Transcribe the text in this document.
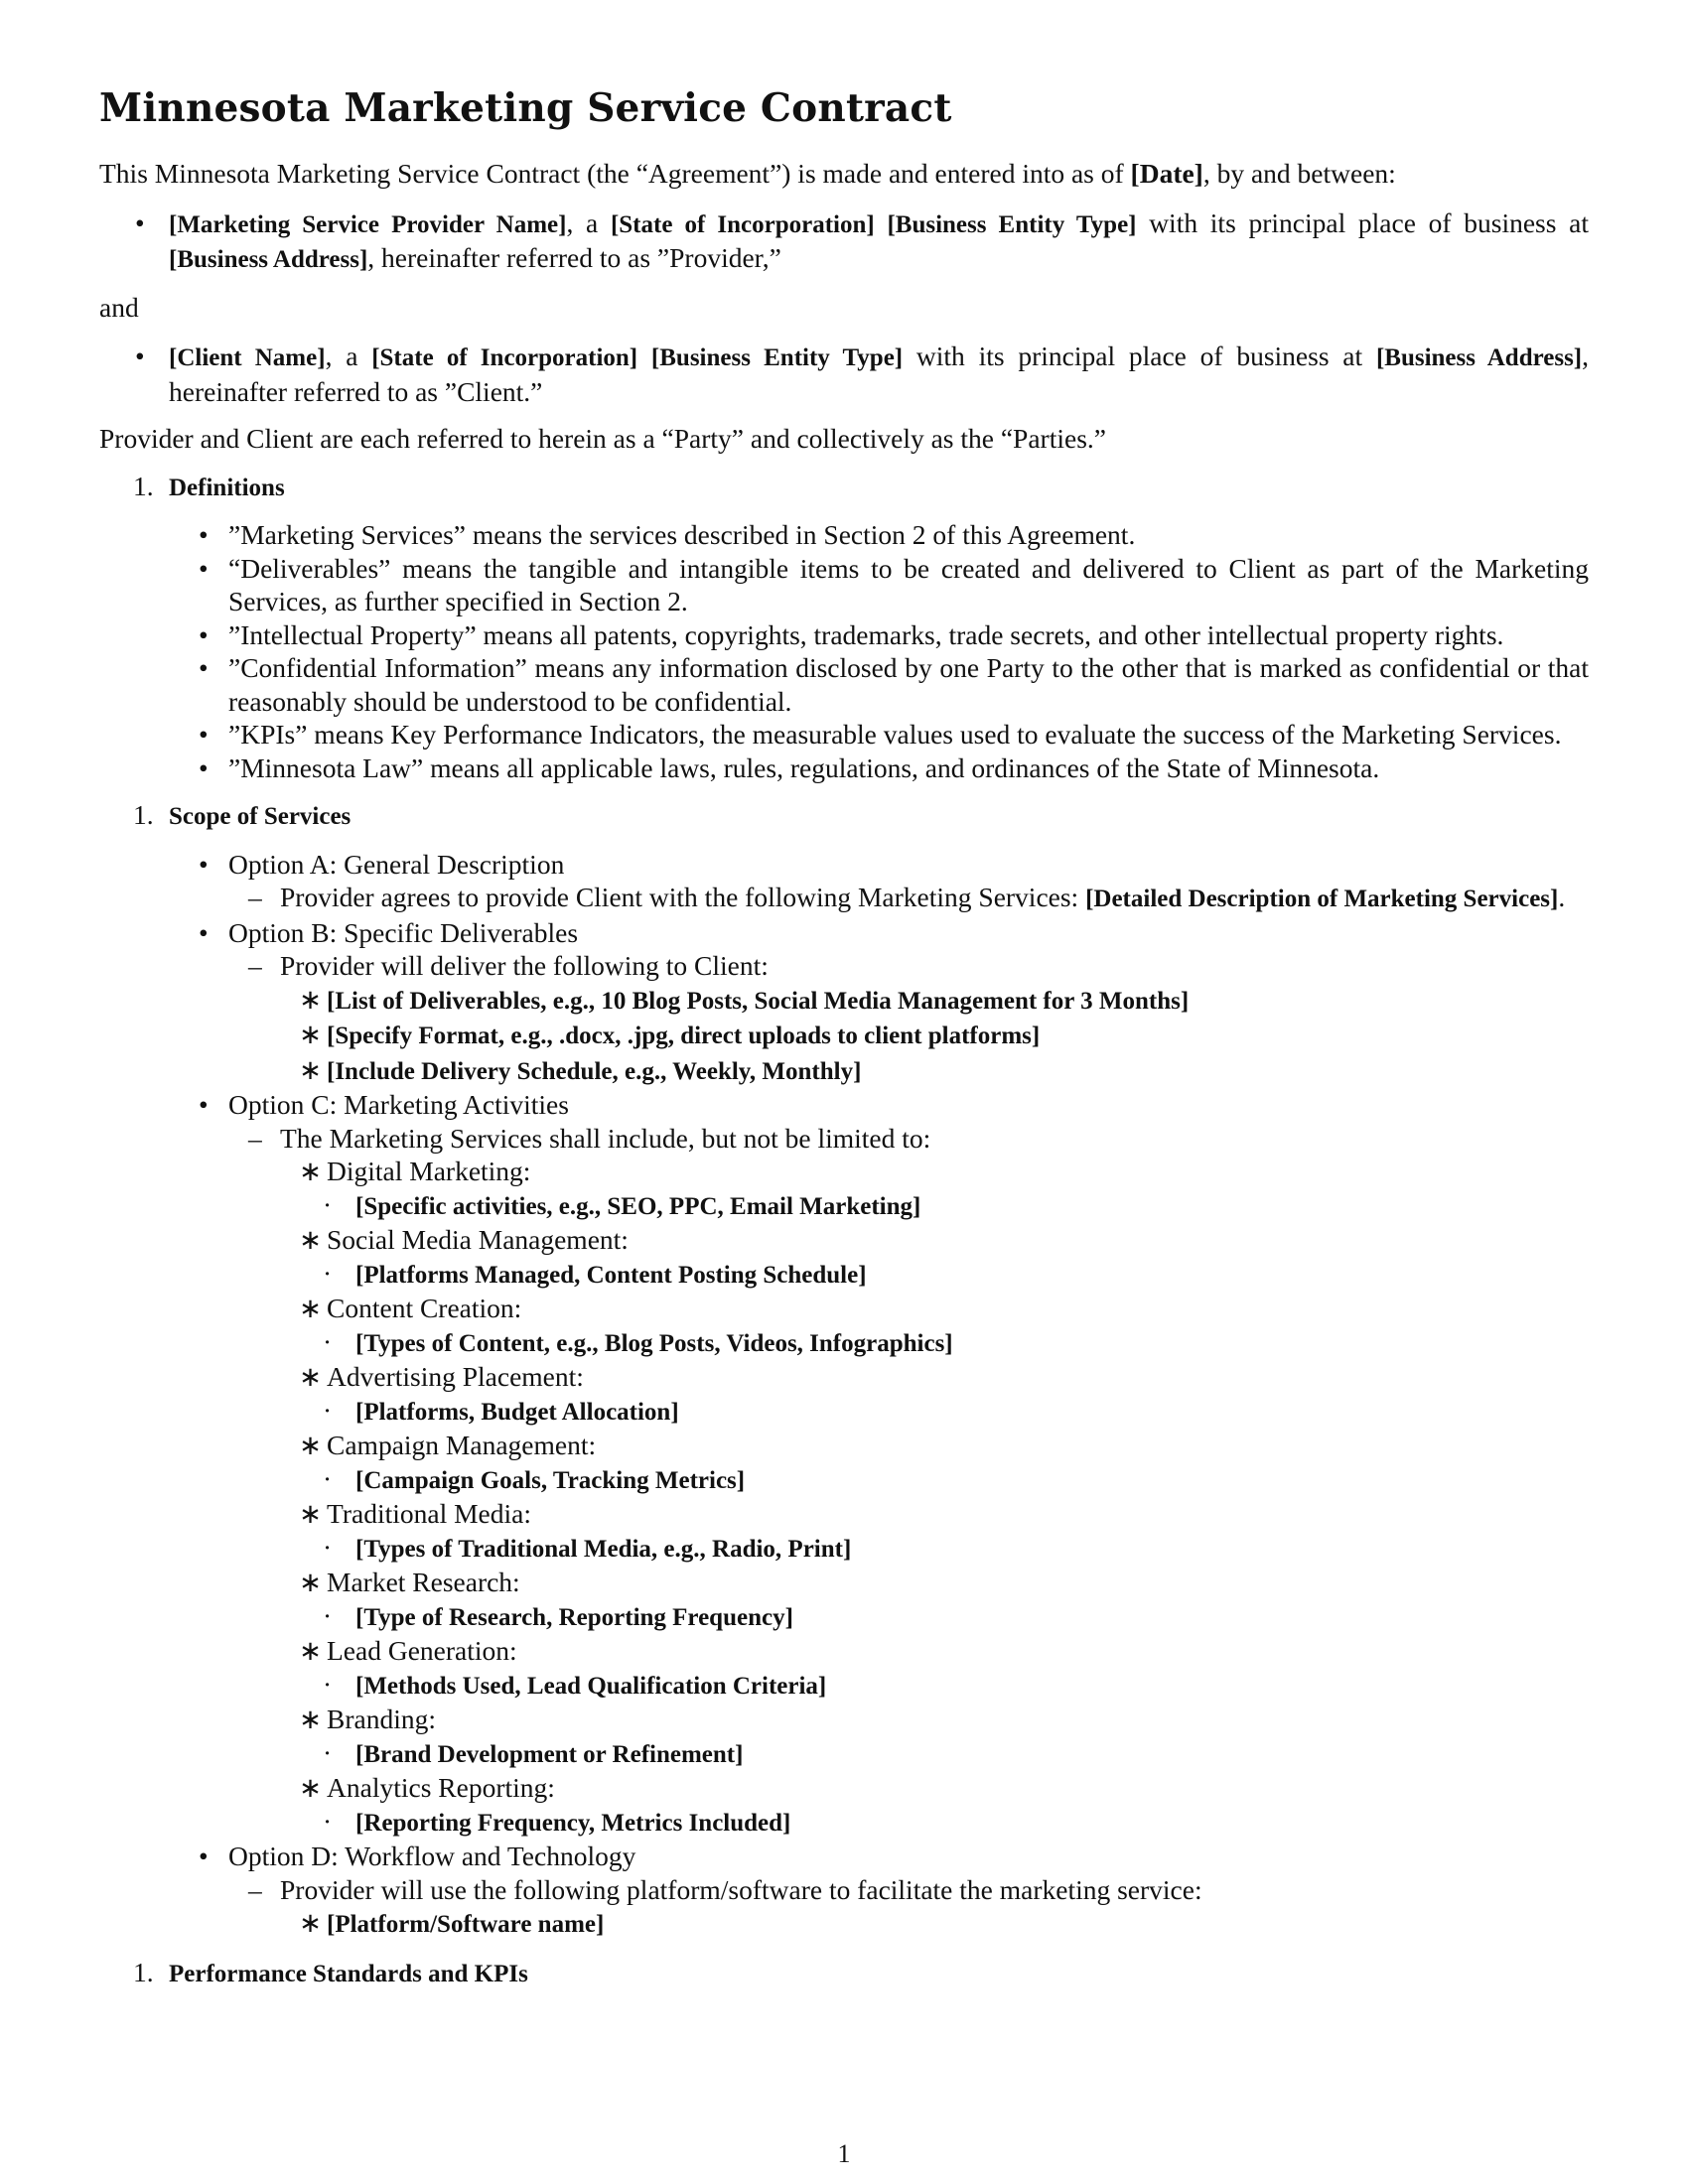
Minnesota Marketing Service Contract

This Minnesota Marketing Service Contract (the “Agreement”) is made and entered into as of [Date], by and between:

• [Marketing Service Provider Name], a [State of Incorporation] [Business Entity Type] with its principal place of business at [Business Address], hereinafter referred to as ”Provider,”

and

• [Client Name], a [State of Incorporation] [Business Entity Type] with its principal place of business at [Business Address], hereinafter referred to as ”Client.”

Provider and Client are each referred to herein as a “Party” and collectively as the “Parties.”

1. Definitions
• ”Marketing Services” means the services described in Section 2 of this Agreement.
• “Deliverables” means the tangible and intangible items to be created and delivered to Client as part of the Marketing Services, as further specified in Section 2.
• ”Intellectual Property” means all patents, copyrights, trademarks, trade secrets, and other intellectual property rights.
• ”Confidential Information” means any information disclosed by one Party to the other that is marked as confidential or that reasonably should be understood to be confidential.
• ”KPIs” means Key Performance Indicators, the measurable values used to evaluate the success of the Marketing Services.
• ”Minnesota Law” means all applicable laws, rules, regulations, and ordinances of the State of Minnesota.
1. Scope of Services
• Option A: General Description
– Provider agrees to provide Client with the following Marketing Services: [Detailed Description of Marketing Services].
• Option B: Specific Deliverables
– Provider will deliver the following to Client:
∗ [List of Deliverables, e.g., 10 Blog Posts, Social Media Management for 3 Months]
∗ [Specify Format, e.g., .docx, .jpg, direct uploads to client platforms]
∗ [Include Delivery Schedule, e.g., Weekly, Monthly]
• Option C: Marketing Activities
– The Marketing Services shall include, but not be limited to:
∗ Digital Marketing:
· [Specific activities, e.g., SEO, PPC, Email Marketing]
∗ Social Media Management:
· [Platforms Managed, Content Posting Schedule]
∗ Content Creation:
· [Types of Content, e.g., Blog Posts, Videos, Infographics]
∗ Advertising Placement:
· [Platforms, Budget Allocation]
∗ Campaign Management:
· [Campaign Goals, Tracking Metrics]
∗ Traditional Media:
· [Types of Traditional Media, e.g., Radio, Print]
∗ Market Research:
· [Type of Research, Reporting Frequency]
∗ Lead Generation:
· [Methods Used, Lead Qualification Criteria]
∗ Branding:
· [Brand Development or Refinement]
∗ Analytics Reporting:
· [Reporting Frequency, Metrics Included]
• Option D: Workflow and Technology
– Provider will use the following platform/software to facilitate the marketing service:
∗ [Platform/Software name]
1. Performance Standards and KPIs
1
